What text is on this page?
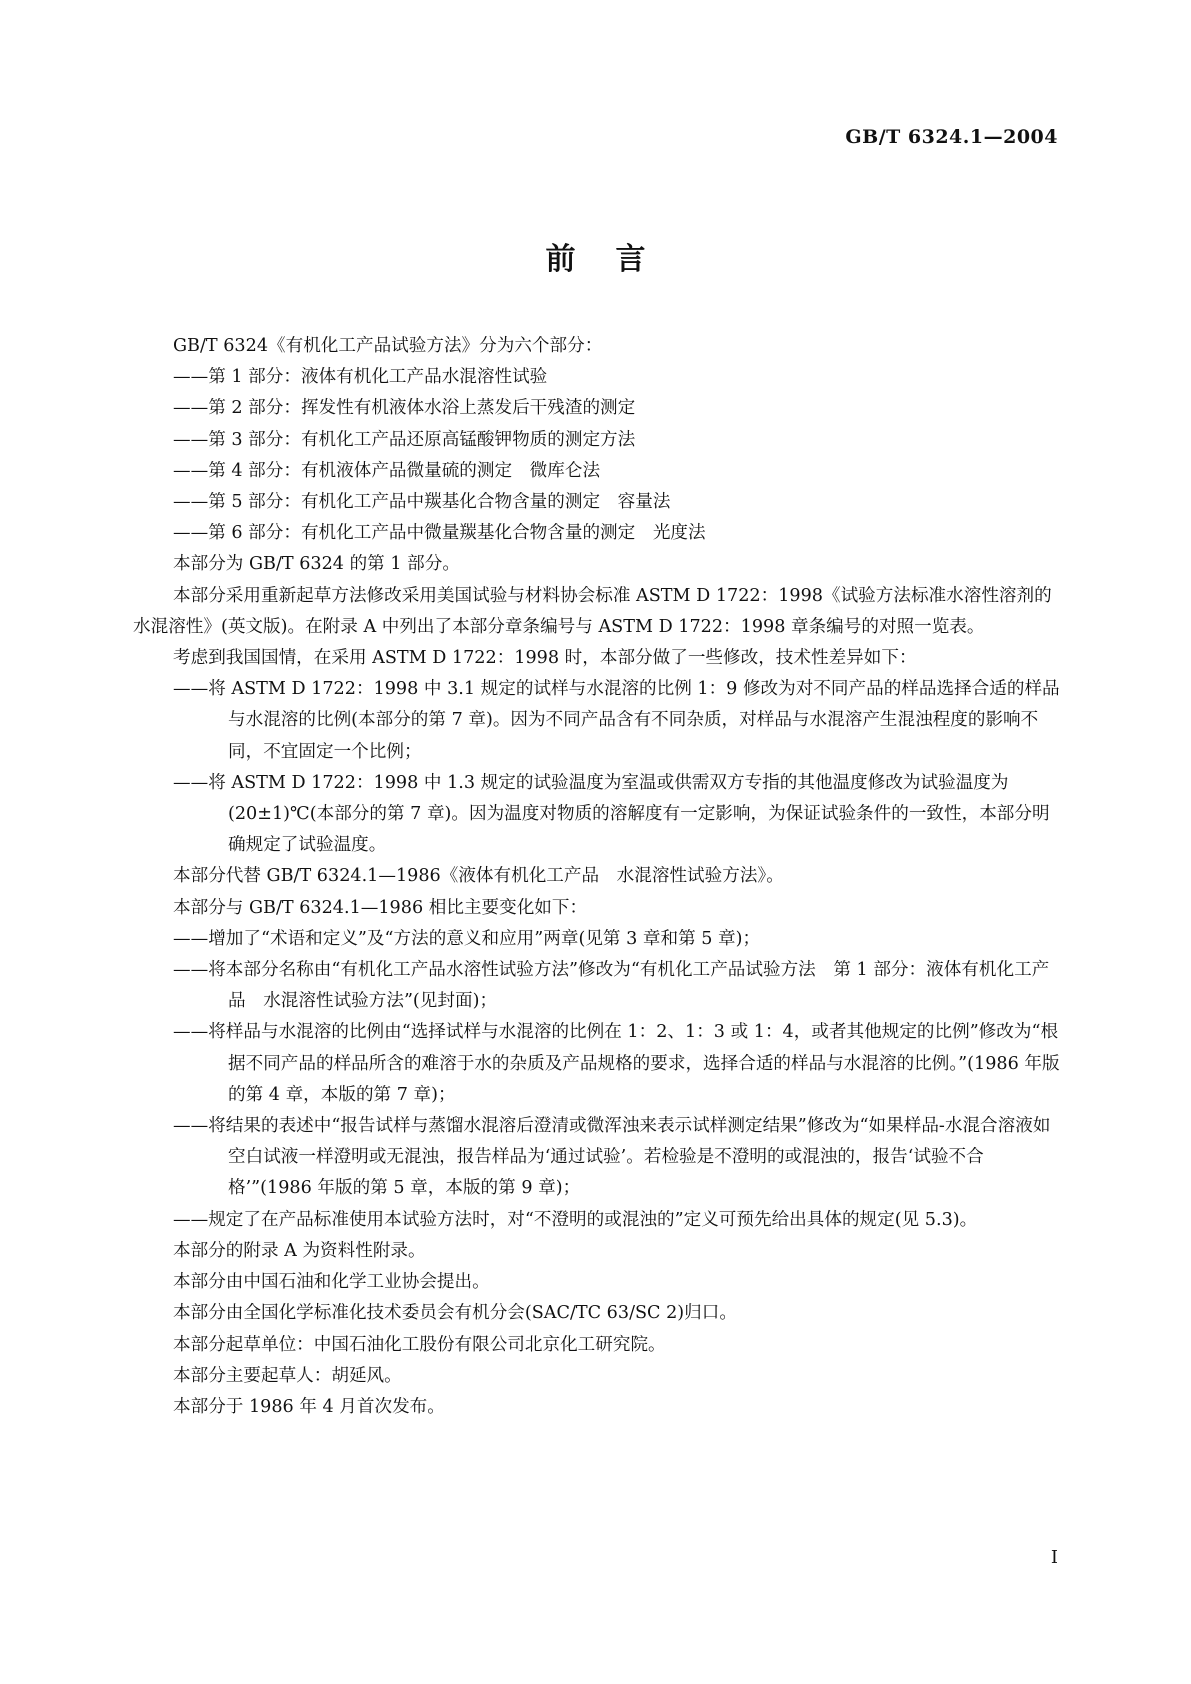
GB/T 6324.1—2004
前言

GB/T 6324《有机化工产品试验方法》分为六个部分：

——第 1 部分：液体有机化工产品水混溶性试验

——第 2 部分：挥发性有机液体水浴上蒸发后干残渣的测定

——第 3 部分：有机化工产品还原高锰酸钾物质的测定方法

——第 4 部分：有机液体产品微量硫的测定　微库仑法

——第 5 部分：有机化工产品中羰基化合物含量的测定　容量法

——第 6 部分：有机化工产品中微量羰基化合物含量的测定　光度法

本部分为 GB/T 6324 的第 1 部分。

本部分采用重新起草方法修改采用美国试验与材料协会标准 ASTM D 1722：1998《试验方法标准水溶性溶剂的水混溶性》(英文版)。在附录 A 中列出了本部分章条编号与 ASTM D 1722：1998 章条编号的对照一览表。

考虑到我国国情，在采用 ASTM D 1722：1998 时，本部分做了一些修改，技术性差异如下：

——将 ASTM D 1722：1998 中 3.1 规定的试样与水混溶的比例 1：9 修改为对不同产品的样品选择合适的样品与水混溶的比例(本部分的第 7 章)。因为不同产品含有不同杂质，对样品与水混溶产生混浊程度的影响不同，不宜固定一个比例；

——将 ASTM D 1722：1998 中 1.3 规定的试验温度为室温或供需双方专指的其他温度修改为试验温度为(20±1)℃(本部分的第 7 章)。因为温度对物质的溶解度有一定影响，为保证试验条件的一致性，本部分明确规定了试验温度。

本部分代替 GB/T 6324.1—1986《液体有机化工产品　水混溶性试验方法》。

本部分与 GB/T 6324.1—1986 相比主要变化如下：

——增加了“术语和定义”及“方法的意义和应用”两章(见第 3 章和第 5 章)；

——将本部分名称由“有机化工产品水溶性试验方法”修改为“有机化工产品试验方法　第 1 部分：液体有机化工产品　水混溶性试验方法”(见封面)；

——将样品与水混溶的比例由“选择试样与水混溶的比例在 1：2、1：3 或 1：4，或者其他规定的比例”修改为“根据不同产品的样品所含的难溶于水的杂质及产品规格的要求，选择合适的样品与水混溶的比例。”(1986 年版的第 4 章，本版的第 7 章)；

——将结果的表述中“报告试样与蒸馏水混溶后澄清或微浑浊来表示试样测定结果”修改为“如果样品-水混合溶液如空白试液一样澄明或无混浊，报告样品为‘通过试验’。若检验是不澄明的或混浊的，报告‘试验不合格’”(1986 年版的第 5 章，本版的第 9 章)；

——规定了在产品标准使用本试验方法时，对“不澄明的或混浊的”定义可预先给出具体的规定(见 5.3)。

本部分的附录 A 为资料性附录。

本部分由中国石油和化学工业协会提出。

本部分由全国化学标准化技术委员会有机分会(SAC/TC 63/SC 2)归口。

本部分起草单位：中国石油化工股份有限公司北京化工研究院。

本部分主要起草人：胡延风。

本部分于 1986 年 4 月首次发布。

I
